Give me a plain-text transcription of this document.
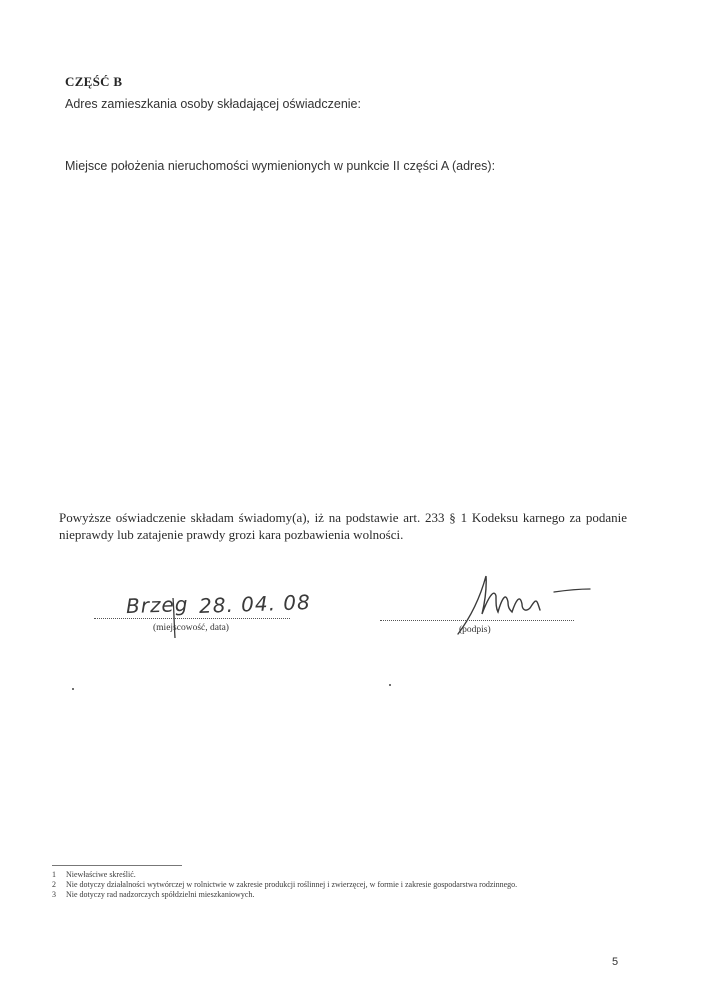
CZĘŚĆ B
Adres zamieszkania osoby składającej oświadczenie:
Miejsce położenia nieruchomości wymienionych w punkcie II części A (adres):
Powyższe oświadczenie składam świadomy(a), iż na podstawie art. 233 § 1 Kodeksu karnego za podanie nieprawdy lub zatajenie prawdy grozi kara pozbawienia wolności.
Brzeg 28. 04. 08
(miejscowość, data)	(podpis)
1	Niewłaściwe skreślić.
2	Nie dotyczy działalności wytwórczej w rolnictwie w zakresie produkcji roślinnej i zwierzęcej, w formie i zakresie gospodarstwa rodzinnego.
3	Nie dotyczy rad nadzorczych spółdzielni mieszkaniowych.
5
